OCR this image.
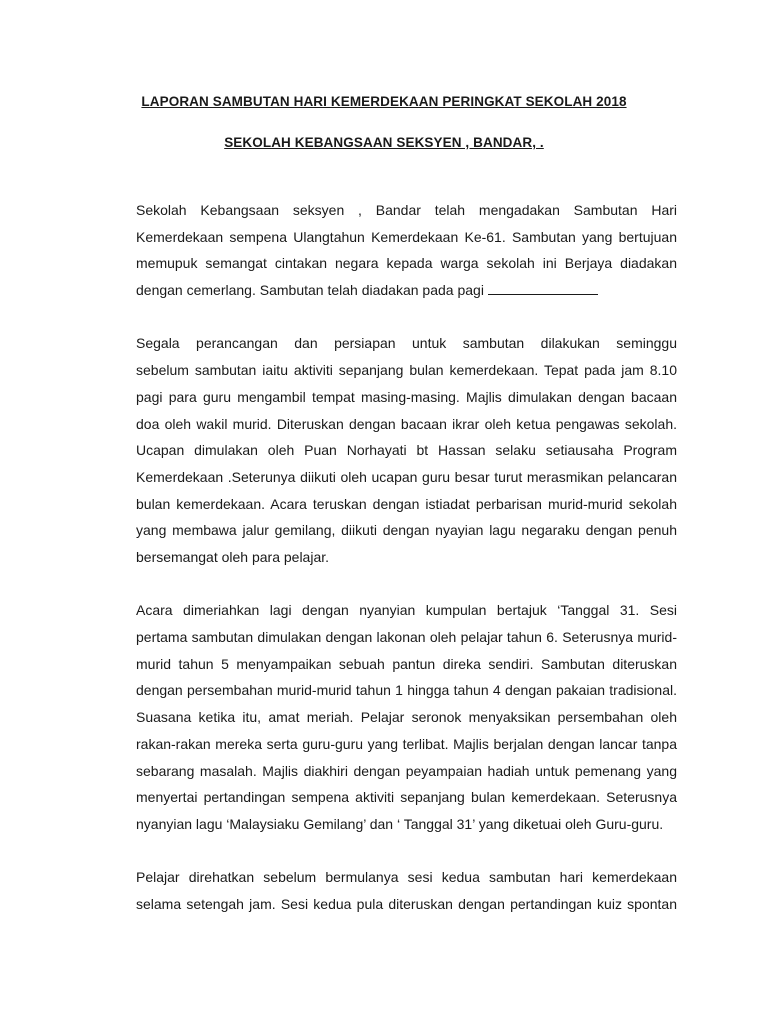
LAPORAN SAMBUTAN HARI KEMERDEKAAN PERINGKAT SEKOLAH 2018

SEKOLAH KEBANGSAAN SEKSYEN , BANDAR, .

Sekolah Kebangsaan seksyen , Bandar telah mengadakan Sambutan Hari
Kemerdekaan sempena Ulangtahun Kemerdekaan Ke-61. Sambutan yang bertujuan
memupuk semangat cintakan negara kepada warga sekolah ini Berjaya diadakan
dengan cemerlang. Sambutan telah diadakan pada pagi

Segala perancangan dan persiapan untuk sambutan dilakukan seminggu
sebelum sambutan iaitu aktiviti sepanjang bulan kemerdekaan. Tepat pada jam 8.10
pagi para guru mengambil tempat masing-masing. Majlis dimulakan dengan bacaan
doa oleh wakil murid. Diteruskan dengan bacaan ikrar oleh ketua pengawas sekolah.
Ucapan dimulakan oleh Puan Norhayati bt Hassan selaku setiausaha Program
Kemerdekaan .Seterunya diikuti oleh ucapan guru besar turut merasmikan pelancaran
bulan kemerdekaan. Acara teruskan dengan istiadat perbarisan murid-murid sekolah
yang membawa jalur gemilang, diikuti dengan nyayian lagu negaraku dengan penuh
bersemangat oleh para pelajar.

Acara dimeriahkan lagi dengan nyanyian kumpulan bertajuk ‘Tanggal 31. Sesi
pertama sambutan dimulakan dengan lakonan oleh pelajar tahun 6. Seterusnya murid-
murid tahun 5 menyampaikan sebuah pantun direka sendiri. Sambutan diteruskan
dengan persembahan murid-murid tahun 1 hingga tahun 4 dengan pakaian tradisional.
Suasana ketika itu, amat meriah. Pelajar seronok menyaksikan persembahan oleh
rakan-rakan mereka serta guru-guru yang terlibat. Majlis berjalan dengan lancar tanpa
sebarang masalah. Majlis diakhiri dengan peyampaian hadiah untuk pemenang yang
menyertai pertandingan sempena aktiviti sepanjang bulan kemerdekaan. Seterusnya
nyanyian lagu ‘Malaysiaku Gemilang’ dan ‘ Tanggal 31’ yang diketuai oleh Guru-guru.

Pelajar direhatkan sebelum bermulanya sesi kedua sambutan hari kemerdekaan
selama setengah jam. Sesi kedua pula diteruskan dengan pertandingan kuiz spontan
